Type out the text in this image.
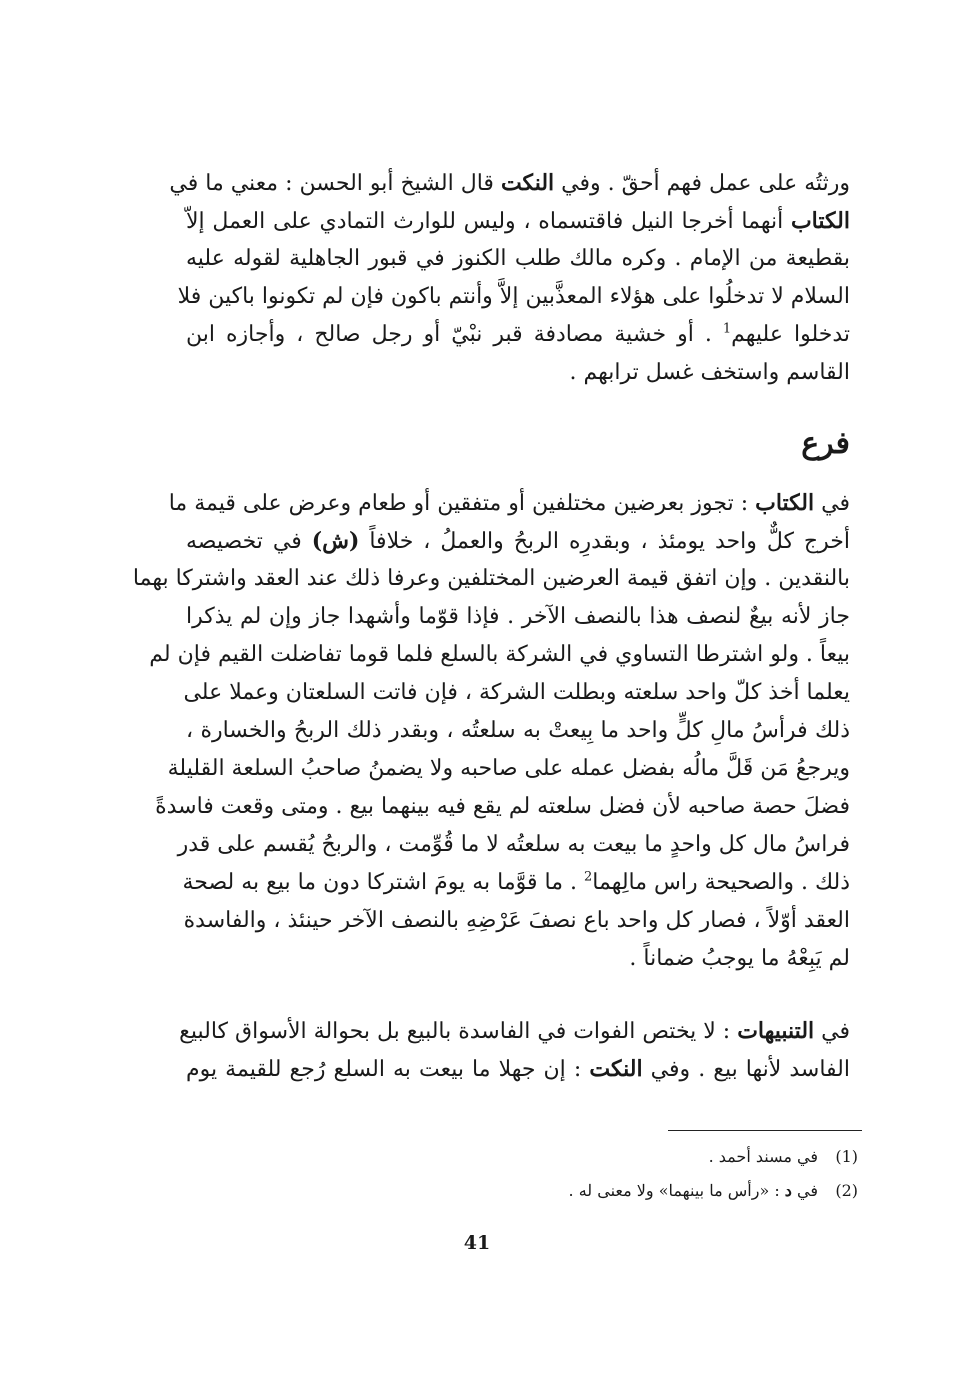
ورثتُه على عمل فهم أحقّ . وفي النكت قال الشيخ أبو الحسن : معني ما في
الكتاب أنهما أخرجا النيل فاقتسماه ، وليس للوارث التمادي على العمل إلاّ
بقطيعة من الإمام . وكره مالك طلب الكنوز في قبور الجاهلية لقوله عليه
السلام لا تدخلُوا على هؤلاء المعذَّبين إلاَّ وأنتم باكون فإن لم تكونوا باكين فلا
تدخلوا عليهم$^1$ . أو خشية مصادفة قبر نبْيّ أو رجل صالح ، وأجازه ابن
القاسم واستخف غسل ترابهم .
فرع
في الكتاب : تجوز بعرضين مختلفين أو متفقين أو طعام وعرض على قيمة ما
أخرج كلٌّ واحد يومئذ ، وبقدرِه الربحُ والعملُ ، خلافاً (ش) في تخصيصه
بالنقدين . وإن اتفق قيمة العرضين المختلفين وعرفا ذلك عند العقد واشتركا بهما
جاز لأنه بيعٌ لنصف هذا بالنصف الآخر . فإذا قوّما وأشهدا جاز وإن لم يذكرا
بيعاً . ولو اشترطا التساوي في الشركة بالسلع فلما قوما تفاضلت القيم فإن لم
يعلما أخذ كلّ واحد سلعته وبطلت الشركة ، فإن فاتت السلعتان وعملا على
ذلك فرأسُ مالِ كلٍّ واحد ما بِيعتْ به سلعتُه ، وبقدر ذلك الربحُ والخسارة ،
ويرجعُ مَن قَلَّ مالُه بفضل عمله على صاحبه ولا يضمنُ صاحبُ السلعة القليلة
فضلَ حصة صاحبه لأن فضل سلعته لم يقع فيه بينهما بيع . ومتى وقعت فاسدةً
فراسُ مال كل واحدٍ ما بيعت به سلعتُه لا ما قُوِّمت ، والربحُ يُقسم على قدر
ذلك . والصحيحة راس مالِهما$^2$ . ما قوَّما به يومَ اشتركا دون ما بيع به لصحة
العقد أوّلاً ، فصار كل واحد باع نصفَ عَرْضِهِ بالنصف الآخر حينئذ ، والفاسدة
لم يَبِعْهُ ما يوجبُ ضماناً .
في التنبيهات : لا يختص الفوات في الفاسدة بالبيع بل بحوالة الأسواق كالبيع
الفاسد لأنها بيع . وفي النكت : إن جهلا ما بيعت به السلع رُجع للقيمة يوم
(1)
في مسند أحمد .
(2)
في د : «رأس ما بينهما» ولا معنى له .
41
